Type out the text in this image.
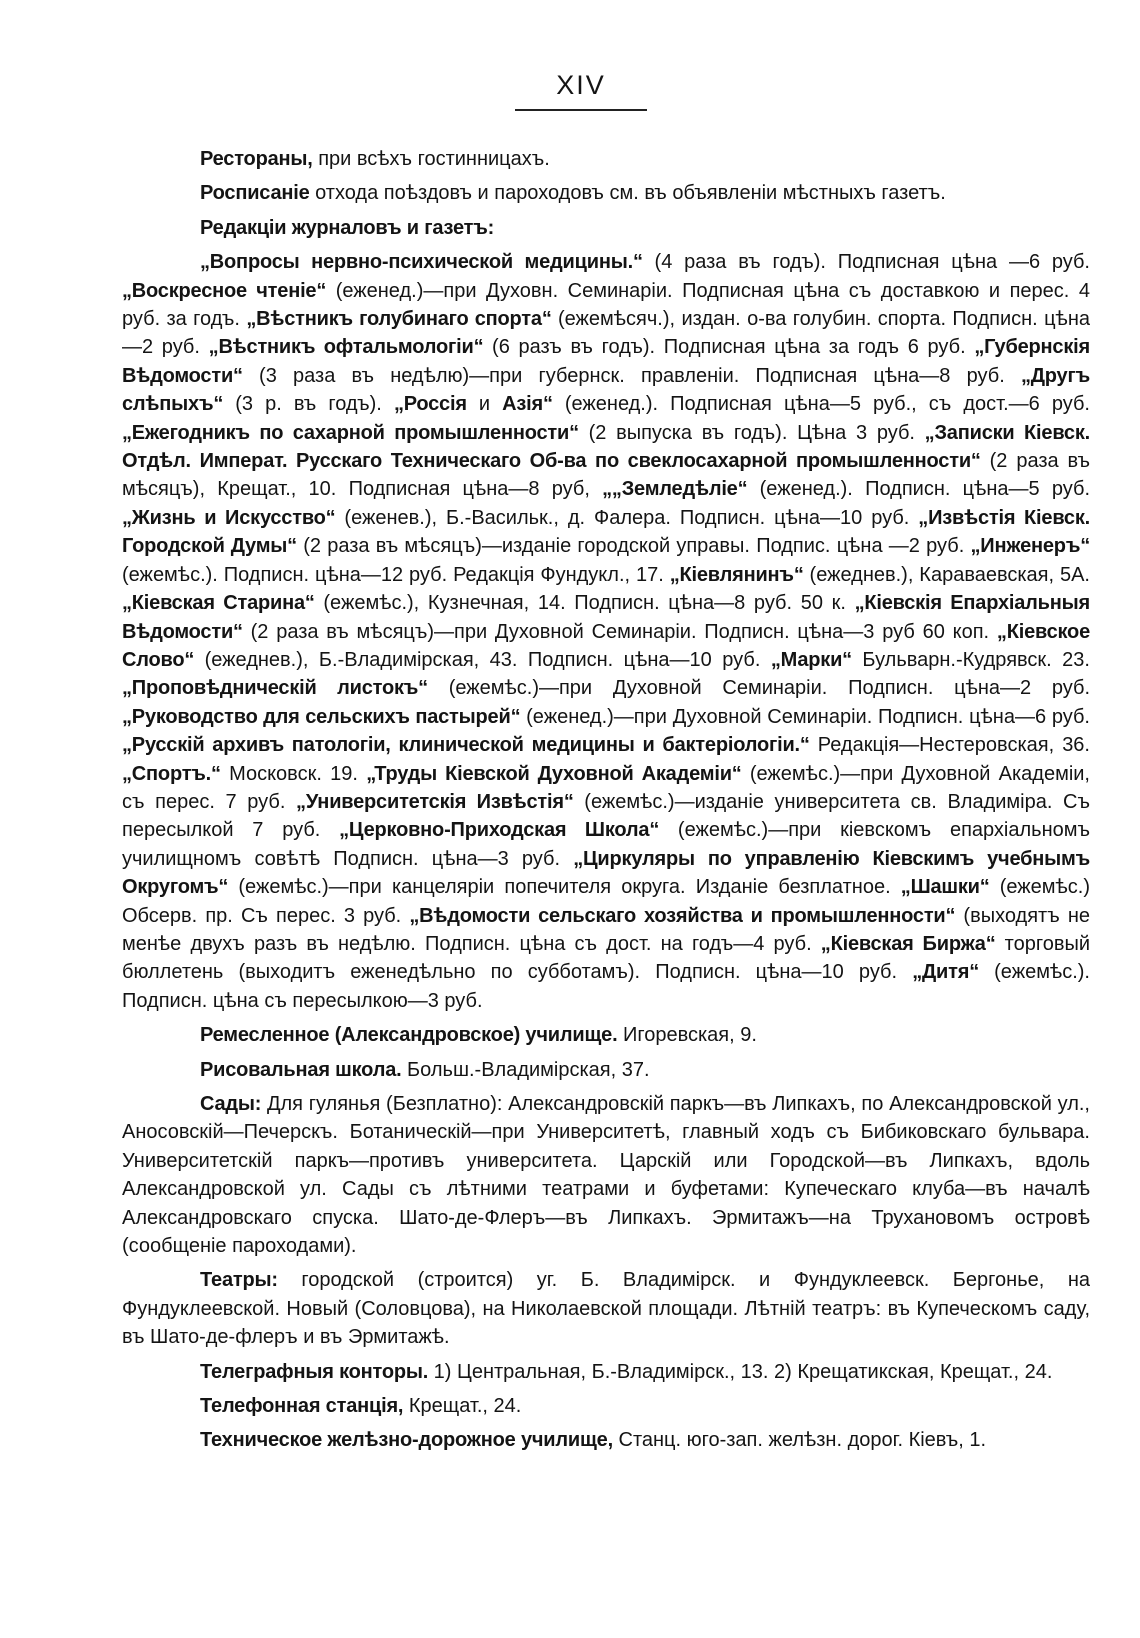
XIV

Рестораны, при всѣхъ гостинницахъ.

Росписаніе отхода поѣздовъ и пароходовъ см. въ объявленіи мѣстныхъ газетъ.

Редакціи журналовъ и газетъ:

„Вопросы нервно-психической медицины.“ (4 раза въ годъ). Подписная цѣна —6 руб. „Воскресное чтеніе“ (еженед.)—при Духовн. Семинаріи. Подписная цѣна съ доставкою и перес. 4 руб. за годъ. „Вѣстникъ голубинаго спорта“ (ежемѣсяч.), издан. о-ва голубин. спорта. Подписн. цѣна—2 руб. „Вѣстникъ офтальмологіи“ (6 разъ въ годъ). Подписная цѣна за годъ 6 руб. „Губернскія Вѣдомости“ (3 раза въ недѣлю)—при губернск. правленіи. Подписная цѣна—8 руб. „Другъ слѣпыхъ“ (3 р. въ годъ). „Россія и Азія“ (еженед.). Подписная цѣна—5 руб., съ дост.—6 руб. „Ежегодникъ по сахарной промышленности“ (2 выпуска въ годъ). Цѣна 3 руб. „Записки Кіевск. Отдѣл. Императ. Русскаго Техническаго Об-ва по свеклосахарной промышленности“ (2 раза въ мѣсяцъ), Крещат., 10. Подписная цѣна—8 руб, „„Земледѣліе“ (еженед.). Подписн. цѣна—5 руб. „Жизнь и Искусство“ (еженев.), Б.-Васильк., д. Фалера. Подписн. цѣна—10 руб. „Извѣстія Кіевск. Городской Думы“ (2 раза въ мѣсяцъ)—изданіе городской управы. Подпис. цѣна —2 руб. „Инженеръ“ (ежемѣс.). Подписн. цѣна—12 руб. Редакція Фундукл., 17. „Кіевлянинъ“ (ежеднев.), Караваевская, 5А. „Кіевская Старина“ (ежемѣс.), Кузнечная, 14. Подписн. цѣна—8 руб. 50 к. „Кіевскія Епархіальныя Вѣдомости“ (2 раза въ мѣсяцъ)—при Духовной Семинаріи. Подписн. цѣна—3 руб 60 коп. „Кіевское Слово“ (ежеднев.), Б.-Владимірская, 43. Подписн. цѣна—10 руб. „Марки“ Бульварн.-Кудрявск. 23. „Проповѣдническій листокъ“ (ежемѣс.)—при Духовной Семинаріи. Подписн. цѣна—2 руб. „Руководство для сельскихъ пастырей“ (еженед.)—при Духовной Семинаріи. Подписн. цѣна—6 руб. „Русскій архивъ патологіи, клинической медицины и бактеріологіи.“ Редакція—Нестеровская, 36. „Спортъ.“ Московск. 19. „Труды Кіевской Духовной Академіи“ (ежемѣс.)—при Духовной Академіи, съ перес. 7 руб. „Университетскія Извѣстія“ (ежемѣс.)—изданіе университета св. Владиміра. Съ пересылкой 7 руб. „Церковно-Приходская Школа“ (ежемѣс.)—при кіевскомъ епархіальномъ училищномъ совѣтѣ Подписн. цѣна—3 руб. „Циркуляры по управленію Кіевскимъ учебнымъ Округомъ“ (ежемѣс.)—при канцеляріи попечителя округа. Изданіе безплатное. „Шашки“ (ежемѣс.) Обсерв. пр. Съ перес. 3 руб. „Вѣдомости сельскаго хозяйства и промышленности“ (выходятъ не менѣе двухъ разъ въ недѣлю. Подписн. цѣна съ дост. на годъ—4 руб. „Кіевская Биржа“ торговый бюллетень (выходитъ еженедѣльно по субботамъ). Подписн. цѣна—10 руб. „Дитя“ (ежемѣс.). Подписн. цѣна съ пересылкою—3 руб.

Ремесленное (Александровское) училище. Игоревская, 9.

Рисовальная школа. Больш.-Владимірская, 37.

Сады: Для гулянья (Безплатно): Александровскій паркъ—въ Липкахъ, по Александровской ул., Аносовскій—Печерскъ. Ботаническій—при Университетѣ, главный ходъ съ Бибиковскаго бульвара. Университетскій паркъ—противъ университета. Царскій или Городской—въ Липкахъ, вдоль Александровской ул. Сады съ лѣтними театрами и буфетами: Купеческаго клуба—въ началѣ Александровскаго спуска. Шато-де-Флеръ—въ Липкахъ. Эрмитажъ—на Трухановомъ островѣ (сообщеніе пароходами).

Театры: городской (строится) уг. Б. Владимірск. и Фундуклеевск. Бергонье, на Фундуклеевской. Новый (Соловцова), на Николаевской площади. Лѣтній театръ: въ Купеческомъ саду, въ Шато-де-флеръ и въ Эрмитажѣ.

Телеграфныя конторы. 1) Центральная, Б.-Владимірск., 13. 2) Крещатикская, Крещат., 24.

Телефонная станція, Крещат., 24.

Техническое желѣзно-дорожное училище, Станц. юго-зап. желѣзн. дорог. Кіевъ, 1.
